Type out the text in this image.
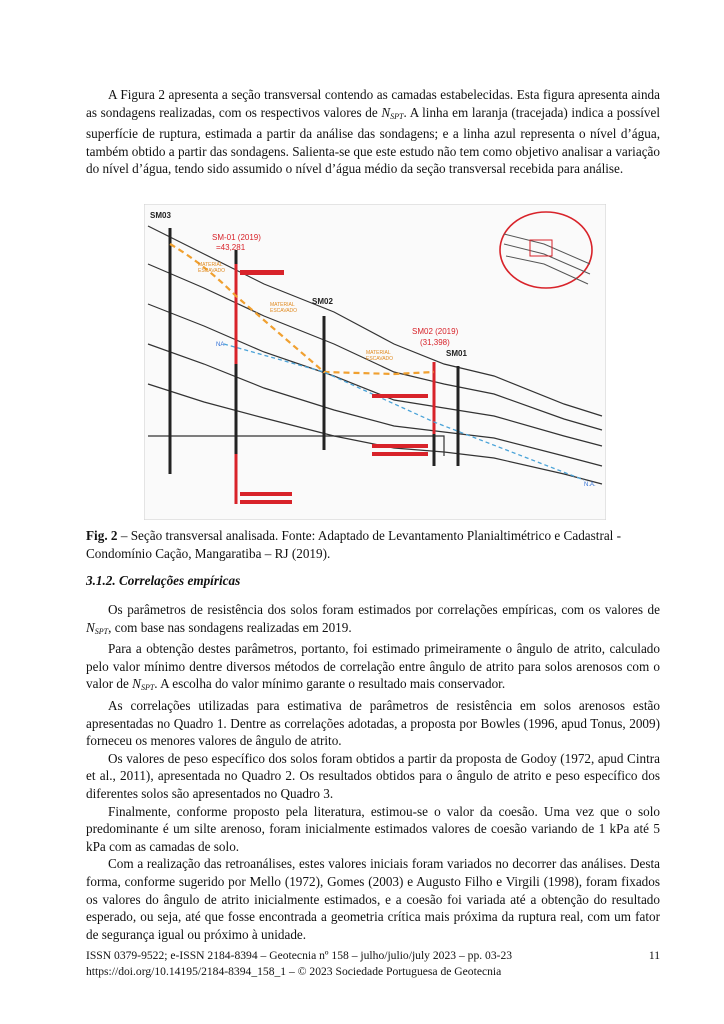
A Figura 2 apresenta a seção transversal contendo as camadas estabelecidas. Esta figura apresenta ainda as sondagens realizadas, com os respectivos valores de $N_{SPT}$. A linha em laranja (tracejada) indica a possível superfície de ruptura, estimada a partir da análise das sondagens; e a linha azul representa o nível d’água, também obtido a partir das sondagens. Salienta-se que este estudo não tem como objetivo analisar a variação do nível d’água, tendo sido assumido o nível d’água médio da seção transversal recebida para análise.

SM03
SM-01 (2019)
=43,281
SM02
SM02 (2019)
(31,398)
SM01
MATERIAL
ESCAVADO
MATERIAL
ESCAVADO
MATERIAL
ESCAVADO
NA
N.A.

Fig. 2 – Seção transversal analisada. Fonte: Adaptado de Levantamento Planialtimétrico e Cadastral - Condomínio Cação, Mangaratiba – RJ (2019).

3.1.2. Correlações empíricas

Os parâmetros de resistência dos solos foram estimados por correlações empíricas, com os valores de $N_{SPT}$, com base nas sondagens realizadas em 2019.

Para a obtenção destes parâmetros, portanto, foi estimado primeiramente o ângulo de atrito, calculado pelo valor mínimo dentre diversos métodos de correlação entre ângulo de atrito para solos arenosos com o valor de $N_{SPT}$. A escolha do valor mínimo garante o resultado mais conservador.

As correlações utilizadas para estimativa de parâmetros de resistência em solos arenosos estão apresentadas no Quadro 1. Dentre as correlações adotadas, a proposta por Bowles (1996, apud Tonus, 2009) forneceu os menores valores de ângulo de atrito.

Os valores de peso específico dos solos foram obtidos a partir da proposta de Godoy (1972, apud Cintra et al., 2011), apresentada no Quadro 2. Os resultados obtidos para o ângulo de atrito e peso específico dos diferentes solos são apresentados no Quadro 3.

Finalmente, conforme proposto pela literatura, estimou-se o valor da coesão. Uma vez que o solo predominante é um silte arenoso, foram inicialmente estimados valores de coesão variando de 1 kPa até 5 kPa com as camadas de solo.

Com a realização das retroanálises, estes valores iniciais foram variados no decorrer das análises. Desta forma, conforme sugerido por Mello (1972), Gomes (2003) e Augusto Filho e Virgili (1998), foram fixados os valores do ângulo de atrito inicialmente estimados, e a coesão foi variada até a obtenção do resultado esperado, ou seja, até que fosse encontrada a geometria crítica mais próxima da ruptura real, com um fator de segurança igual ou próximo à unidade.

ISSN 0379-9522; e-ISSN 2184-8394 – Geotecnia nº 158 – julho/julio/july 2023 – pp. 03-23
https://doi.org/10.14195/2184-8394_158_1 – © 2023 Sociedade Portuguesa de Geotecnia
11
